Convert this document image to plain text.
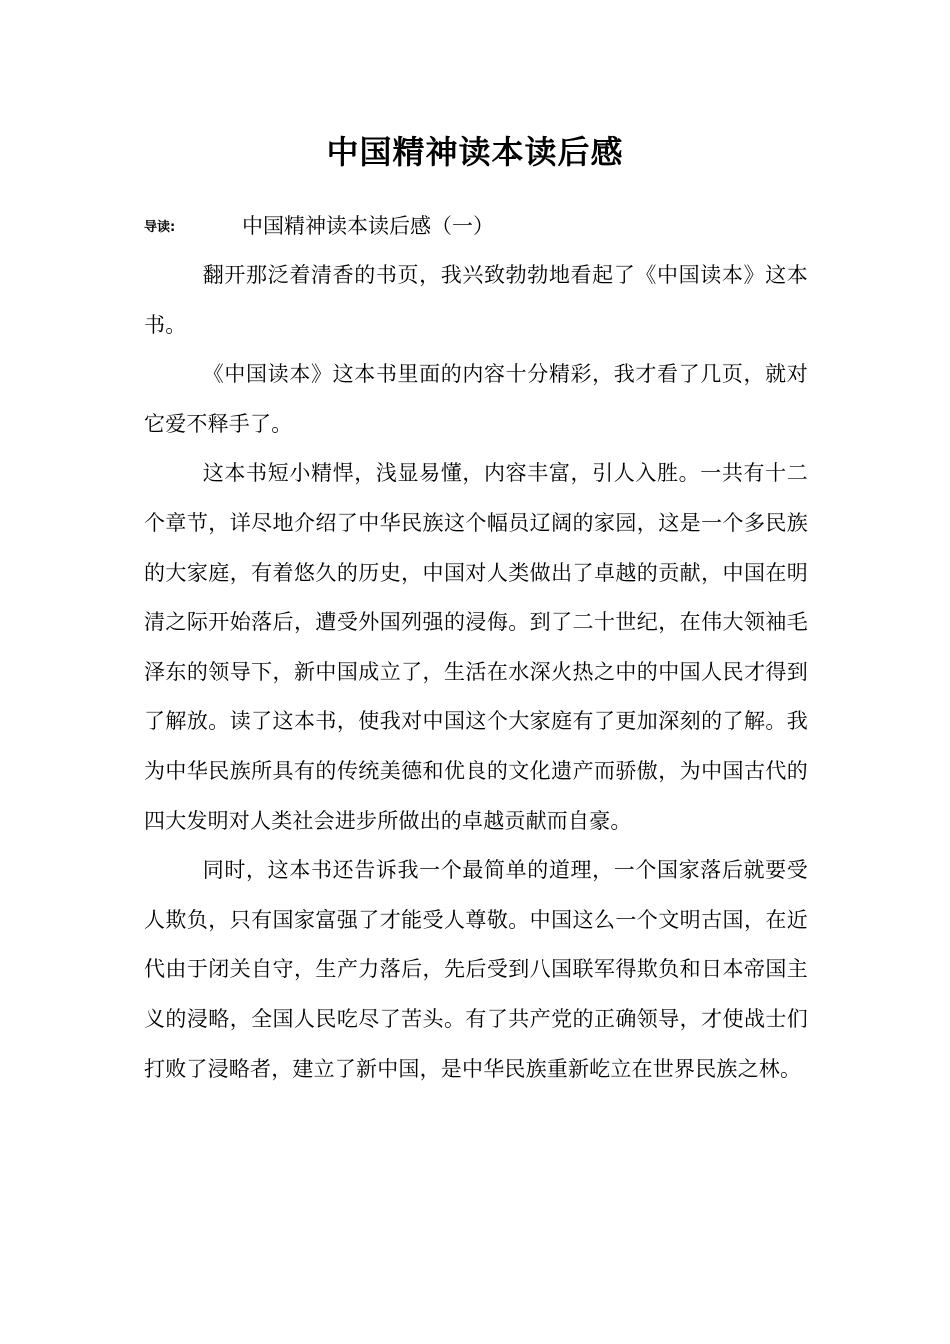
中国精神读本读后感
导读:	中国精神读本读后感（一）

翻开那泛着清香的书页，我兴致勃勃地看起了《中国读本》这本书。

《中国读本》这本书里面的内容十分精彩，我才看了几页，就对它爱不释手了。

这本书短小精悍，浅显易懂，内容丰富，引人入胜。一共有十二个章节，详尽地介绍了中华民族这个幅员辽阔的家园，这是一个多民族的大家庭，有着悠久的历史，中国对人类做出了卓越的贡献，中国在明清之际开始落后，遭受外国列强的浸侮。到了二十世纪，在伟大领袖毛泽东的领导下，新中国成立了，生活在水深火热之中的中国人民才得到了解放。读了这本书，使我对中国这个大家庭有了更加深刻的了解。我为中华民族所具有的传统美德和优良的文化遗产而骄傲，为中国古代的四大发明对人类社会进步所做出的卓越贡献而自豪。

同时，这本书还告诉我一个最简单的道理，一个国家落后就要受人欺负，只有国家富强了才能受人尊敬。中国这么一个文明古国，在近代由于闭关自守，生产力落后，先后受到八国联军得欺负和日本帝国主义的浸略，全国人民吃尽了苦头。有了共产党的正确领导，才使战士们打败了浸略者，建立了新中国，是中华民族重新屹立在世界民族之林。
